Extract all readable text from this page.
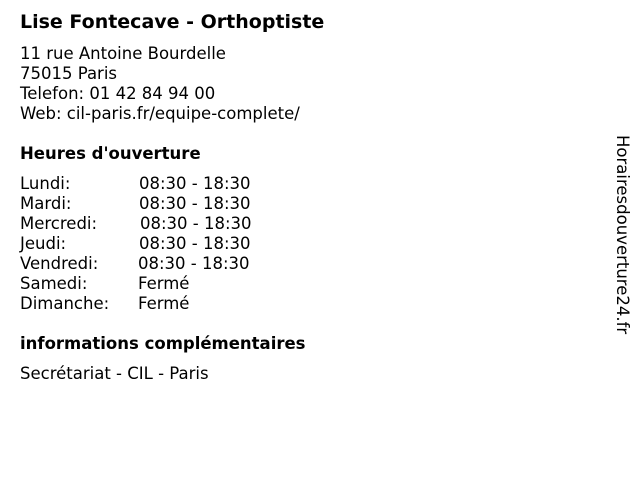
Lise Fontecave - Orthoptiste
11 rue Antoine Bourdelle
75015 Paris
Telefon: 01 42 84 94 00
Web: cil-paris.fr/equipe-complete/
Heures d'ouverture
Lundi:	08:30 - 18:30
Mardi:	08:30 - 18:30
Mercredi:	08:30 - 18:30
Jeudi:	08:30 - 18:30
Vendredi: 08:30 - 18:30
Samedi:	Fermé
Dimanche: Fermé
informations complémentaires
Secrétariat - CIL - Paris
Horairesdouverture24.fr
